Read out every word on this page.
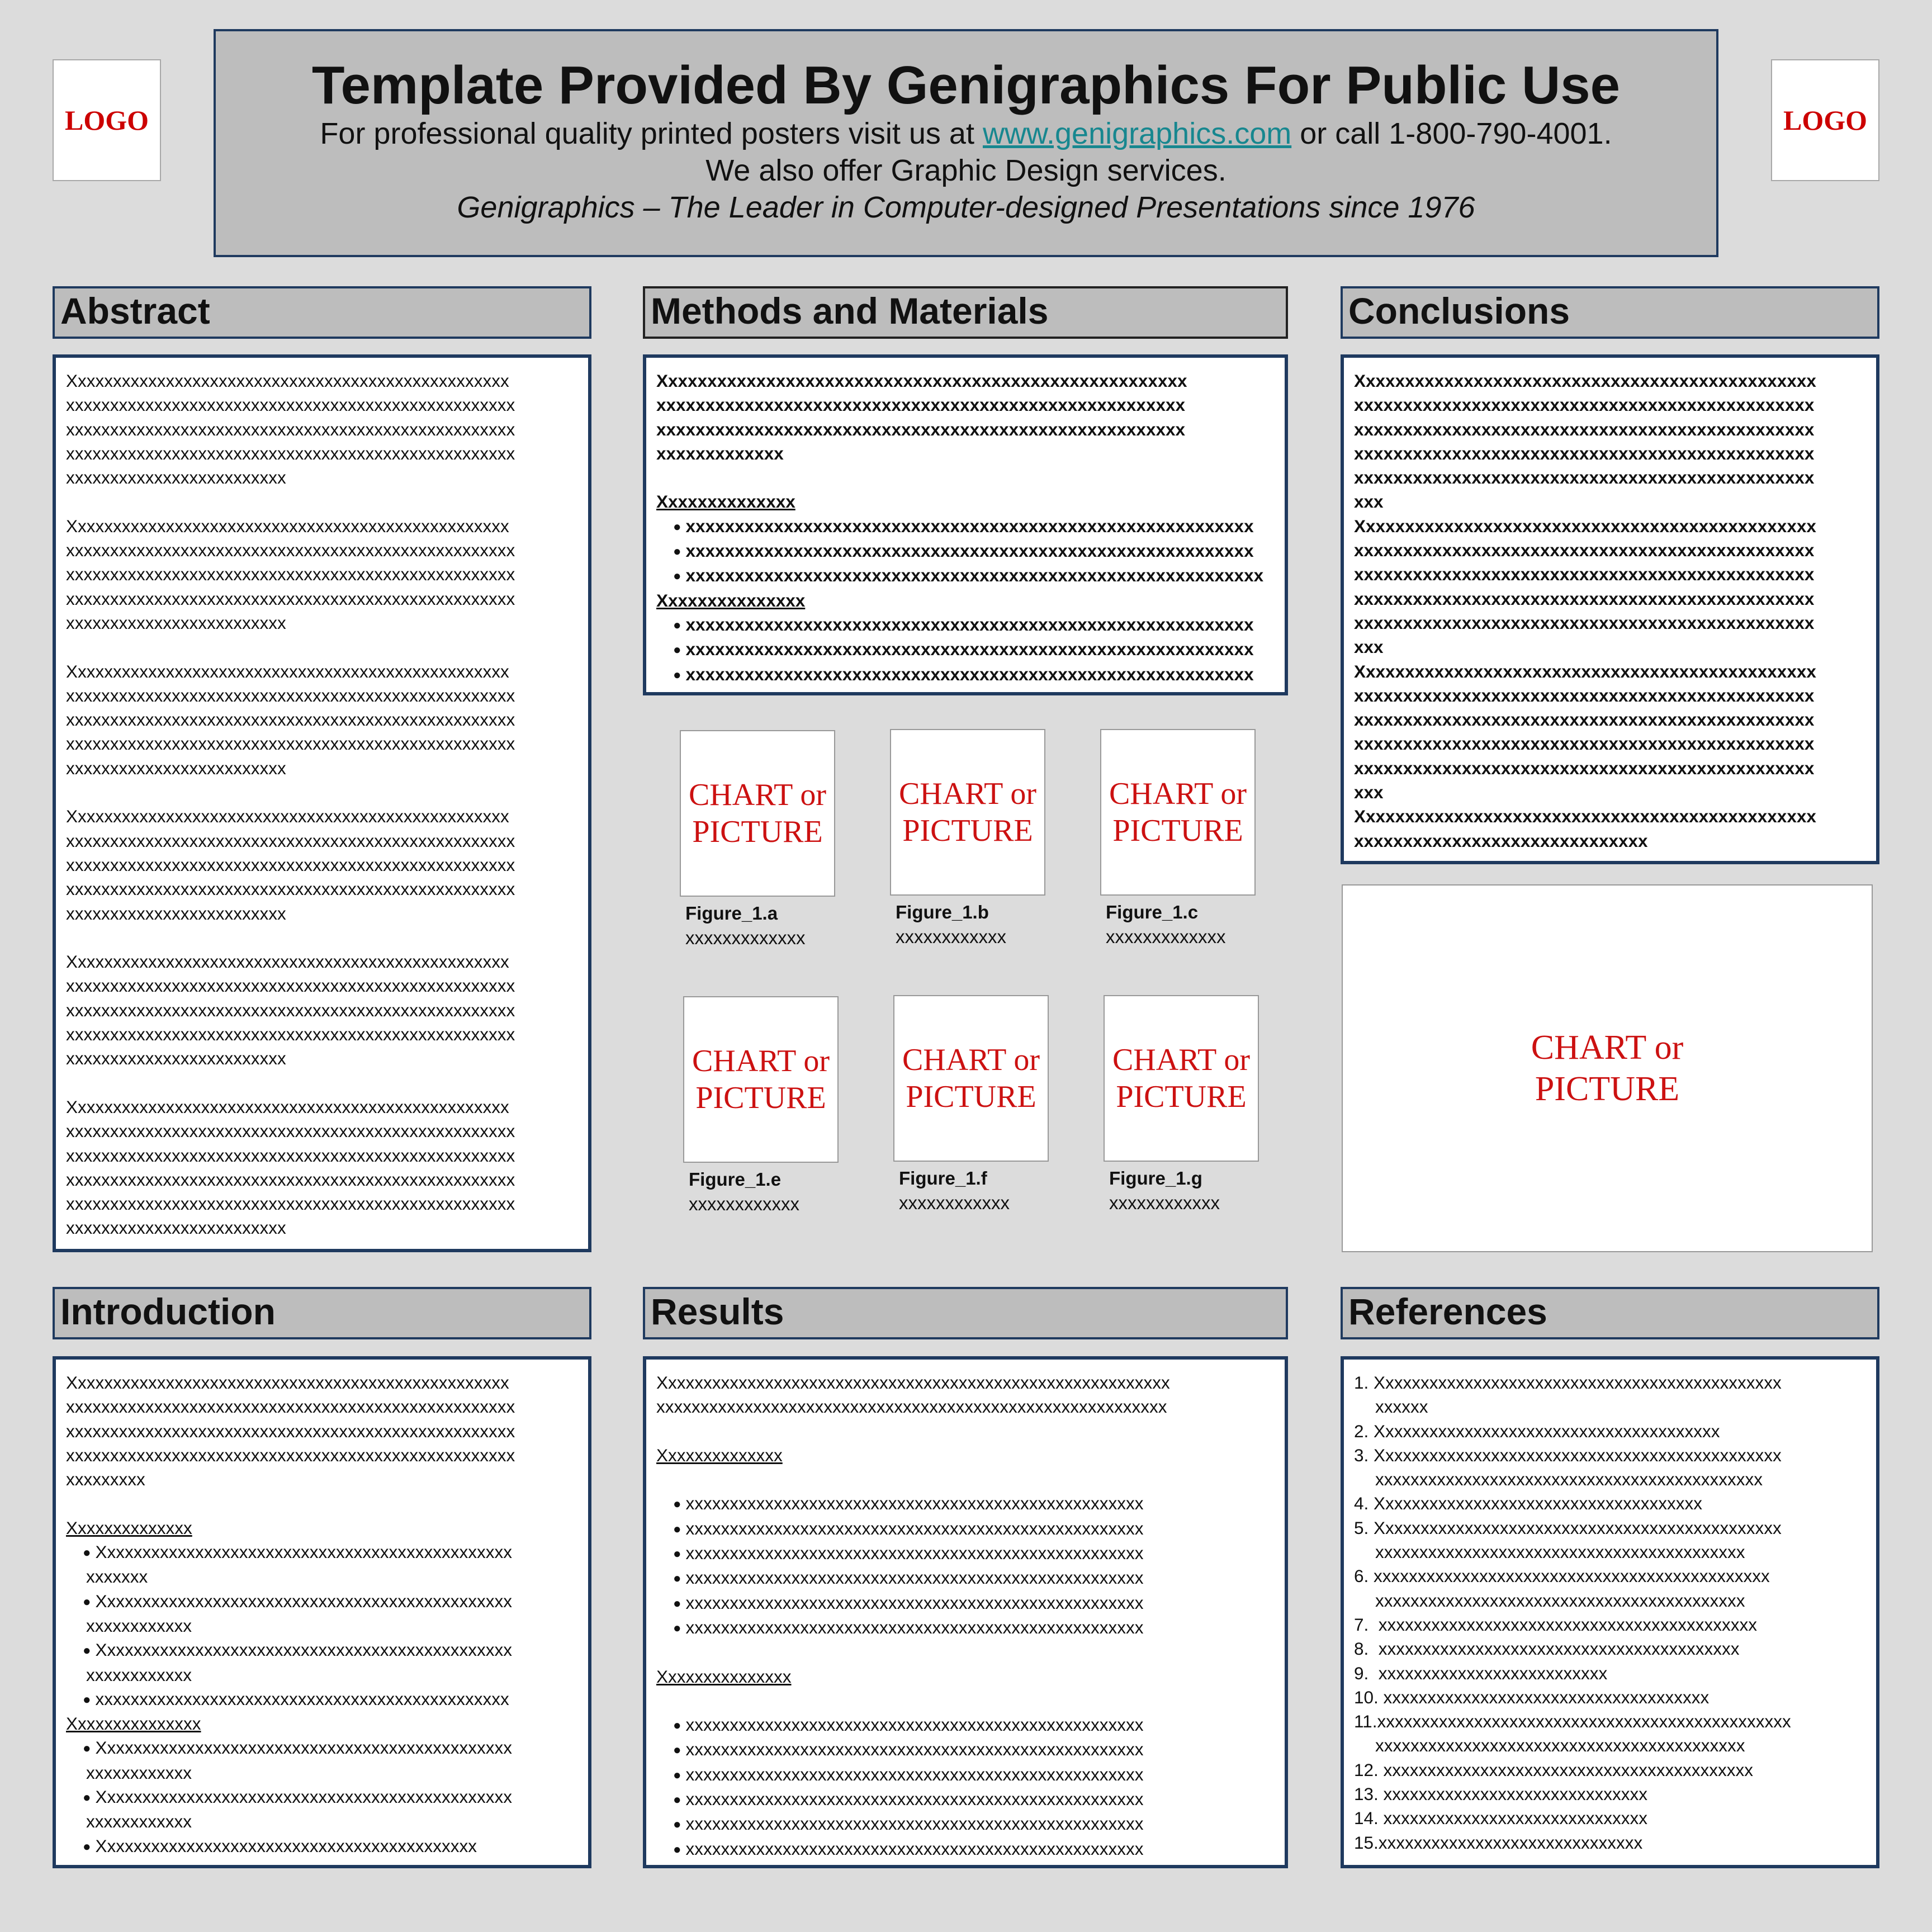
LOGO	LOGO
Template Provided By Genigraphics For Public Use
For professional quality printed posters visit us at www.genigraphics.com or call 1-800-790-4001.
We also offer Graphic Design services.
Genigraphics – The Leader in Computer-designed Presentations since 1976
Abstract
Xxxxxxxxxxxxxxxxxxxxxxxxxxxxxxxxxxxxxxxxxxxxxxxxxx
xxxxxxxxxxxxxxxxxxxxxxxxxxxxxxxxxxxxxxxxxxxxxxxxxxx
xxxxxxxxxxxxxxxxxxxxxxxxxxxxxxxxxxxxxxxxxxxxxxxxxxx
xxxxxxxxxxxxxxxxxxxxxxxxxxxxxxxxxxxxxxxxxxxxxxxxxxx
xxxxxxxxxxxxxxxxxxxxxxxxx
Xxxxxxxxxxxxxxxxxxxxxxxxxxxxxxxxxxxxxxxxxxxxxxxxxx
xxxxxxxxxxxxxxxxxxxxxxxxxxxxxxxxxxxxxxxxxxxxxxxxxxx
xxxxxxxxxxxxxxxxxxxxxxxxxxxxxxxxxxxxxxxxxxxxxxxxxxx
xxxxxxxxxxxxxxxxxxxxxxxxxxxxxxxxxxxxxxxxxxxxxxxxxxx
xxxxxxxxxxxxxxxxxxxxxxxxx
Xxxxxxxxxxxxxxxxxxxxxxxxxxxxxxxxxxxxxxxxxxxxxxxxxx
xxxxxxxxxxxxxxxxxxxxxxxxxxxxxxxxxxxxxxxxxxxxxxxxxxx
xxxxxxxxxxxxxxxxxxxxxxxxxxxxxxxxxxxxxxxxxxxxxxxxxxx
xxxxxxxxxxxxxxxxxxxxxxxxxxxxxxxxxxxxxxxxxxxxxxxxxxx
xxxxxxxxxxxxxxxxxxxxxxxxx
Xxxxxxxxxxxxxxxxxxxxxxxxxxxxxxxxxxxxxxxxxxxxxxxxxx
xxxxxxxxxxxxxxxxxxxxxxxxxxxxxxxxxxxxxxxxxxxxxxxxxxx
xxxxxxxxxxxxxxxxxxxxxxxxxxxxxxxxxxxxxxxxxxxxxxxxxxx
xxxxxxxxxxxxxxxxxxxxxxxxxxxxxxxxxxxxxxxxxxxxxxxxxxx
xxxxxxxxxxxxxxxxxxxxxxxxx
Xxxxxxxxxxxxxxxxxxxxxxxxxxxxxxxxxxxxxxxxxxxxxxxxxx
xxxxxxxxxxxxxxxxxxxxxxxxxxxxxxxxxxxxxxxxxxxxxxxxxxx
xxxxxxxxxxxxxxxxxxxxxxxxxxxxxxxxxxxxxxxxxxxxxxxxxxx
xxxxxxxxxxxxxxxxxxxxxxxxxxxxxxxxxxxxxxxxxxxxxxxxxxx
xxxxxxxxxxxxxxxxxxxxxxxxx
Xxxxxxxxxxxxxxxxxxxxxxxxxxxxxxxxxxxxxxxxxxxxxxxxxx
xxxxxxxxxxxxxxxxxxxxxxxxxxxxxxxxxxxxxxxxxxxxxxxxxxx
xxxxxxxxxxxxxxxxxxxxxxxxxxxxxxxxxxxxxxxxxxxxxxxxxxx
xxxxxxxxxxxxxxxxxxxxxxxxxxxxxxxxxxxxxxxxxxxxxxxxxxx
xxxxxxxxxxxxxxxxxxxxxxxxxxxxxxxxxxxxxxxxxxxxxxxxxxx
xxxxxxxxxxxxxxxxxxxxxxxxx
Methods and Materials
Xxxxxxxxxxxxxxxxxxxxxxxxxxxxxxxxxxxxxxxxxxxxxxxxxxxxxx
xxxxxxxxxxxxxxxxxxxxxxxxxxxxxxxxxxxxxxxxxxxxxxxxxxxxxx
xxxxxxxxxxxxxxxxxxxxxxxxxxxxxxxxxxxxxxxxxxxxxxxxxxxxxx
xxxxxxxxxxxxx
Xxxxxxxxxxxxxx
● xxxxxxxxxxxxxxxxxxxxxxxxxxxxxxxxxxxxxxxxxxxxxxxxxxxxxxxxxx
● xxxxxxxxxxxxxxxxxxxxxxxxxxxxxxxxxxxxxxxxxxxxxxxxxxxxxxxxxx
● xxxxxxxxxxxxxxxxxxxxxxxxxxxxxxxxxxxxxxxxxxxxxxxxxxxxxxxxxxx
Xxxxxxxxxxxxxxx
● xxxxxxxxxxxxxxxxxxxxxxxxxxxxxxxxxxxxxxxxxxxxxxxxxxxxxxxxxx
● xxxxxxxxxxxxxxxxxxxxxxxxxxxxxxxxxxxxxxxxxxxxxxxxxxxxxxxxxx
● xxxxxxxxxxxxxxxxxxxxxxxxxxxxxxxxxxxxxxxxxxxxxxxxxxxxxxxxxx
CHART or
PICTURE
Figure_1.a
xxxxxxxxxxxxx
CHART or
PICTURE
Figure_1.b
xxxxxxxxxxxx
CHART or
PICTURE
Figure_1.c
xxxxxxxxxxxxx
CHART or
PICTURE
Figure_1.e
xxxxxxxxxxxx
CHART or
PICTURE
Figure_1.f
xxxxxxxxxxxx
CHART or
PICTURE
Figure_1.g
xxxxxxxxxxxx
Conclusions
Xxxxxxxxxxxxxxxxxxxxxxxxxxxxxxxxxxxxxxxxxxxxxxx
xxxxxxxxxxxxxxxxxxxxxxxxxxxxxxxxxxxxxxxxxxxxxxx
xxxxxxxxxxxxxxxxxxxxxxxxxxxxxxxxxxxxxxxxxxxxxxx
xxxxxxxxxxxxxxxxxxxxxxxxxxxxxxxxxxxxxxxxxxxxxxx
xxxxxxxxxxxxxxxxxxxxxxxxxxxxxxxxxxxxxxxxxxxxxxx
xxx
Xxxxxxxxxxxxxxxxxxxxxxxxxxxxxxxxxxxxxxxxxxxxxxx
xxxxxxxxxxxxxxxxxxxxxxxxxxxxxxxxxxxxxxxxxxxxxxx
xxxxxxxxxxxxxxxxxxxxxxxxxxxxxxxxxxxxxxxxxxxxxxx
xxxxxxxxxxxxxxxxxxxxxxxxxxxxxxxxxxxxxxxxxxxxxxx
xxxxxxxxxxxxxxxxxxxxxxxxxxxxxxxxxxxxxxxxxxxxxxx
xxx
Xxxxxxxxxxxxxxxxxxxxxxxxxxxxxxxxxxxxxxxxxxxxxxx
xxxxxxxxxxxxxxxxxxxxxxxxxxxxxxxxxxxxxxxxxxxxxxx
xxxxxxxxxxxxxxxxxxxxxxxxxxxxxxxxxxxxxxxxxxxxxxx
xxxxxxxxxxxxxxxxxxxxxxxxxxxxxxxxxxxxxxxxxxxxxxx
xxxxxxxxxxxxxxxxxxxxxxxxxxxxxxxxxxxxxxxxxxxxxxx
xxx
Xxxxxxxxxxxxxxxxxxxxxxxxxxxxxxxxxxxxxxxxxxxxxxx
xxxxxxxxxxxxxxxxxxxxxxxxxxxxxx
CHART or
PICTURE
Introduction
Xxxxxxxxxxxxxxxxxxxxxxxxxxxxxxxxxxxxxxxxxxxxxxxxxx
xxxxxxxxxxxxxxxxxxxxxxxxxxxxxxxxxxxxxxxxxxxxxxxxxxx
xxxxxxxxxxxxxxxxxxxxxxxxxxxxxxxxxxxxxxxxxxxxxxxxxxx
xxxxxxxxxxxxxxxxxxxxxxxxxxxxxxxxxxxxxxxxxxxxxxxxxxx
xxxxxxxxx
Xxxxxxxxxxxxxx
● Xxxxxxxxxxxxxxxxxxxxxxxxxxxxxxxxxxxxxxxxxxxxxxx
xxxxxxx
● Xxxxxxxxxxxxxxxxxxxxxxxxxxxxxxxxxxxxxxxxxxxxxxx
xxxxxxxxxxxx
● Xxxxxxxxxxxxxxxxxxxxxxxxxxxxxxxxxxxxxxxxxxxxxxx
xxxxxxxxxxxx
● xxxxxxxxxxxxxxxxxxxxxxxxxxxxxxxxxxxxxxxxxxxxxxx
Xxxxxxxxxxxxxxx
● Xxxxxxxxxxxxxxxxxxxxxxxxxxxxxxxxxxxxxxxxxxxxxxx
xxxxxxxxxxxx
● Xxxxxxxxxxxxxxxxxxxxxxxxxxxxxxxxxxxxxxxxxxxxxxx
xxxxxxxxxxxx
● Xxxxxxxxxxxxxxxxxxxxxxxxxxxxxxxxxxxxxxxxxxx
Results
Xxxxxxxxxxxxxxxxxxxxxxxxxxxxxxxxxxxxxxxxxxxxxxxxxxxxxxxxxx
xxxxxxxxxxxxxxxxxxxxxxxxxxxxxxxxxxxxxxxxxxxxxxxxxxxxxxxxxx
Xxxxxxxxxxxxxx
● xxxxxxxxxxxxxxxxxxxxxxxxxxxxxxxxxxxxxxxxxxxxxxxxxxxx
● xxxxxxxxxxxxxxxxxxxxxxxxxxxxxxxxxxxxxxxxxxxxxxxxxxxx
● xxxxxxxxxxxxxxxxxxxxxxxxxxxxxxxxxxxxxxxxxxxxxxxxxxxx
● xxxxxxxxxxxxxxxxxxxxxxxxxxxxxxxxxxxxxxxxxxxxxxxxxxxx
● xxxxxxxxxxxxxxxxxxxxxxxxxxxxxxxxxxxxxxxxxxxxxxxxxxxx
● xxxxxxxxxxxxxxxxxxxxxxxxxxxxxxxxxxxxxxxxxxxxxxxxxxxx
Xxxxxxxxxxxxxxx
● xxxxxxxxxxxxxxxxxxxxxxxxxxxxxxxxxxxxxxxxxxxxxxxxxxxx
● xxxxxxxxxxxxxxxxxxxxxxxxxxxxxxxxxxxxxxxxxxxxxxxxxxxx
● xxxxxxxxxxxxxxxxxxxxxxxxxxxxxxxxxxxxxxxxxxxxxxxxxxxx
● xxxxxxxxxxxxxxxxxxxxxxxxxxxxxxxxxxxxxxxxxxxxxxxxxxxx
● xxxxxxxxxxxxxxxxxxxxxxxxxxxxxxxxxxxxxxxxxxxxxxxxxxxx
● xxxxxxxxxxxxxxxxxxxxxxxxxxxxxxxxxxxxxxxxxxxxxxxxxxxx
References
1. Xxxxxxxxxxxxxxxxxxxxxxxxxxxxxxxxxxxxxxxxxxxxxx
xxxxxx
2. Xxxxxxxxxxxxxxxxxxxxxxxxxxxxxxxxxxxxxxx
3. Xxxxxxxxxxxxxxxxxxxxxxxxxxxxxxxxxxxxxxxxxxxxxx
xxxxxxxxxxxxxxxxxxxxxxxxxxxxxxxxxxxxxxxxxxxx
4. Xxxxxxxxxxxxxxxxxxxxxxxxxxxxxxxxxxxxx
5. Xxxxxxxxxxxxxxxxxxxxxxxxxxxxxxxxxxxxxxxxxxxxxx
xxxxxxxxxxxxxxxxxxxxxxxxxxxxxxxxxxxxxxxxxx
6. xxxxxxxxxxxxxxxxxxxxxxxxxxxxxxxxxxxxxxxxxxxxx
xxxxxxxxxxxxxxxxxxxxxxxxxxxxxxxxxxxxxxxxxx
7.  xxxxxxxxxxxxxxxxxxxxxxxxxxxxxxxxxxxxxxxxxxx
8.  xxxxxxxxxxxxxxxxxxxxxxxxxxxxxxxxxxxxxxxxx
9.  xxxxxxxxxxxxxxxxxxxxxxxxxx
10. xxxxxxxxxxxxxxxxxxxxxxxxxxxxxxxxxxxxx
11.xxxxxxxxxxxxxxxxxxxxxxxxxxxxxxxxxxxxxxxxxxxxxxx
xxxxxxxxxxxxxxxxxxxxxxxxxxxxxxxxxxxxxxxxxx
12. xxxxxxxxxxxxxxxxxxxxxxxxxxxxxxxxxxxxxxxxxx
13. xxxxxxxxxxxxxxxxxxxxxxxxxxxxxx
14. xxxxxxxxxxxxxxxxxxxxxxxxxxxxxx
15.xxxxxxxxxxxxxxxxxxxxxxxxxxxxxx
